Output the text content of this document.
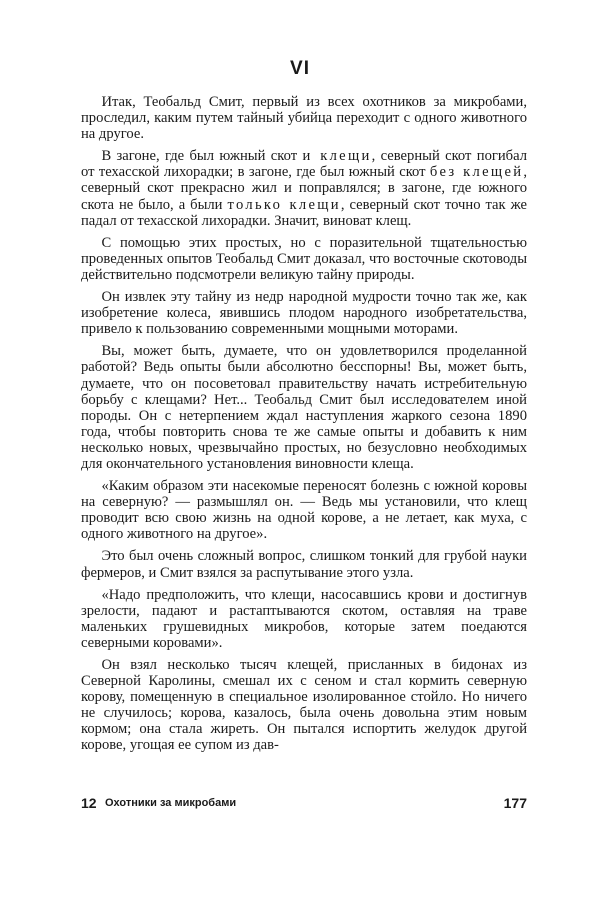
VI

Итак, Теобальд Смит, первый из всех охотников за микробами, проследил, каким путем тайный убийца переходит с одного животного на другое.

В загоне, где был южный скот и клещи, северный скот погибал от техасской лихорадки; в загоне, где был южный скот без клещей, северный скот прекрасно жил и поправлялся; в загоне, где южного скота не было, а были только клещи, северный скот точно так же падал от техасской лихорадки. Значит, виноват клещ.

С помощью этих простых, но с поразительной тщательностью проведенных опытов Теобальд Смит доказал, что восточные скотоводы действительно подсмотрели великую тайну природы.

Он извлек эту тайну из недр народной мудрости точно так же, как изобретение колеса, явившись плодом народного изобретательства, привело к пользованию современными мощными моторами.

Вы, может быть, думаете, что он удовлетворился проделанной работой? Ведь опыты были абсолютно бесспорны! Вы, может быть, думаете, что он посоветовал правительству начать истребительную борьбу с клещами? Нет... Теобальд Смит был исследователем иной породы. Он с нетерпением ждал наступления жаркого сезона 1890 года, чтобы повторить снова те же самые опыты и добавить к ним несколько новых, чрезвычайно простых, но безусловно необходимых для окончательного установления виновности клеща.

«Каким образом эти насекомые переносят болезнь с южной коровы на северную? — размышлял он. — Ведь мы установили, что клещ проводит всю свою жизнь на одной корове, а не летает, как муха, с одного животного на другое».

Это был очень сложный вопрос, слишком тонкий для грубой науки фермеров, и Смит взялся за распутывание этого узла.

«Надо предположить, что клещи, насосавшись крови и достигнув зрелости, падают и растаптываются скотом, оставляя на траве маленьких грушевидных микробов, которые затем поедаются северными коровами».

Он взял несколько тысяч клещей, присланных в бидонах из Северной Каролины, смешал их с сеном и стал кормить северную корову, помещенную в специальное изолированное стойло. Но ничего не случилось; корова, казалось, была очень довольна этим новым кормом; она стала жиреть. Он пытался испортить желудок другой корове, угощая ее супом из дав-

12 Охотники за микробами	177
